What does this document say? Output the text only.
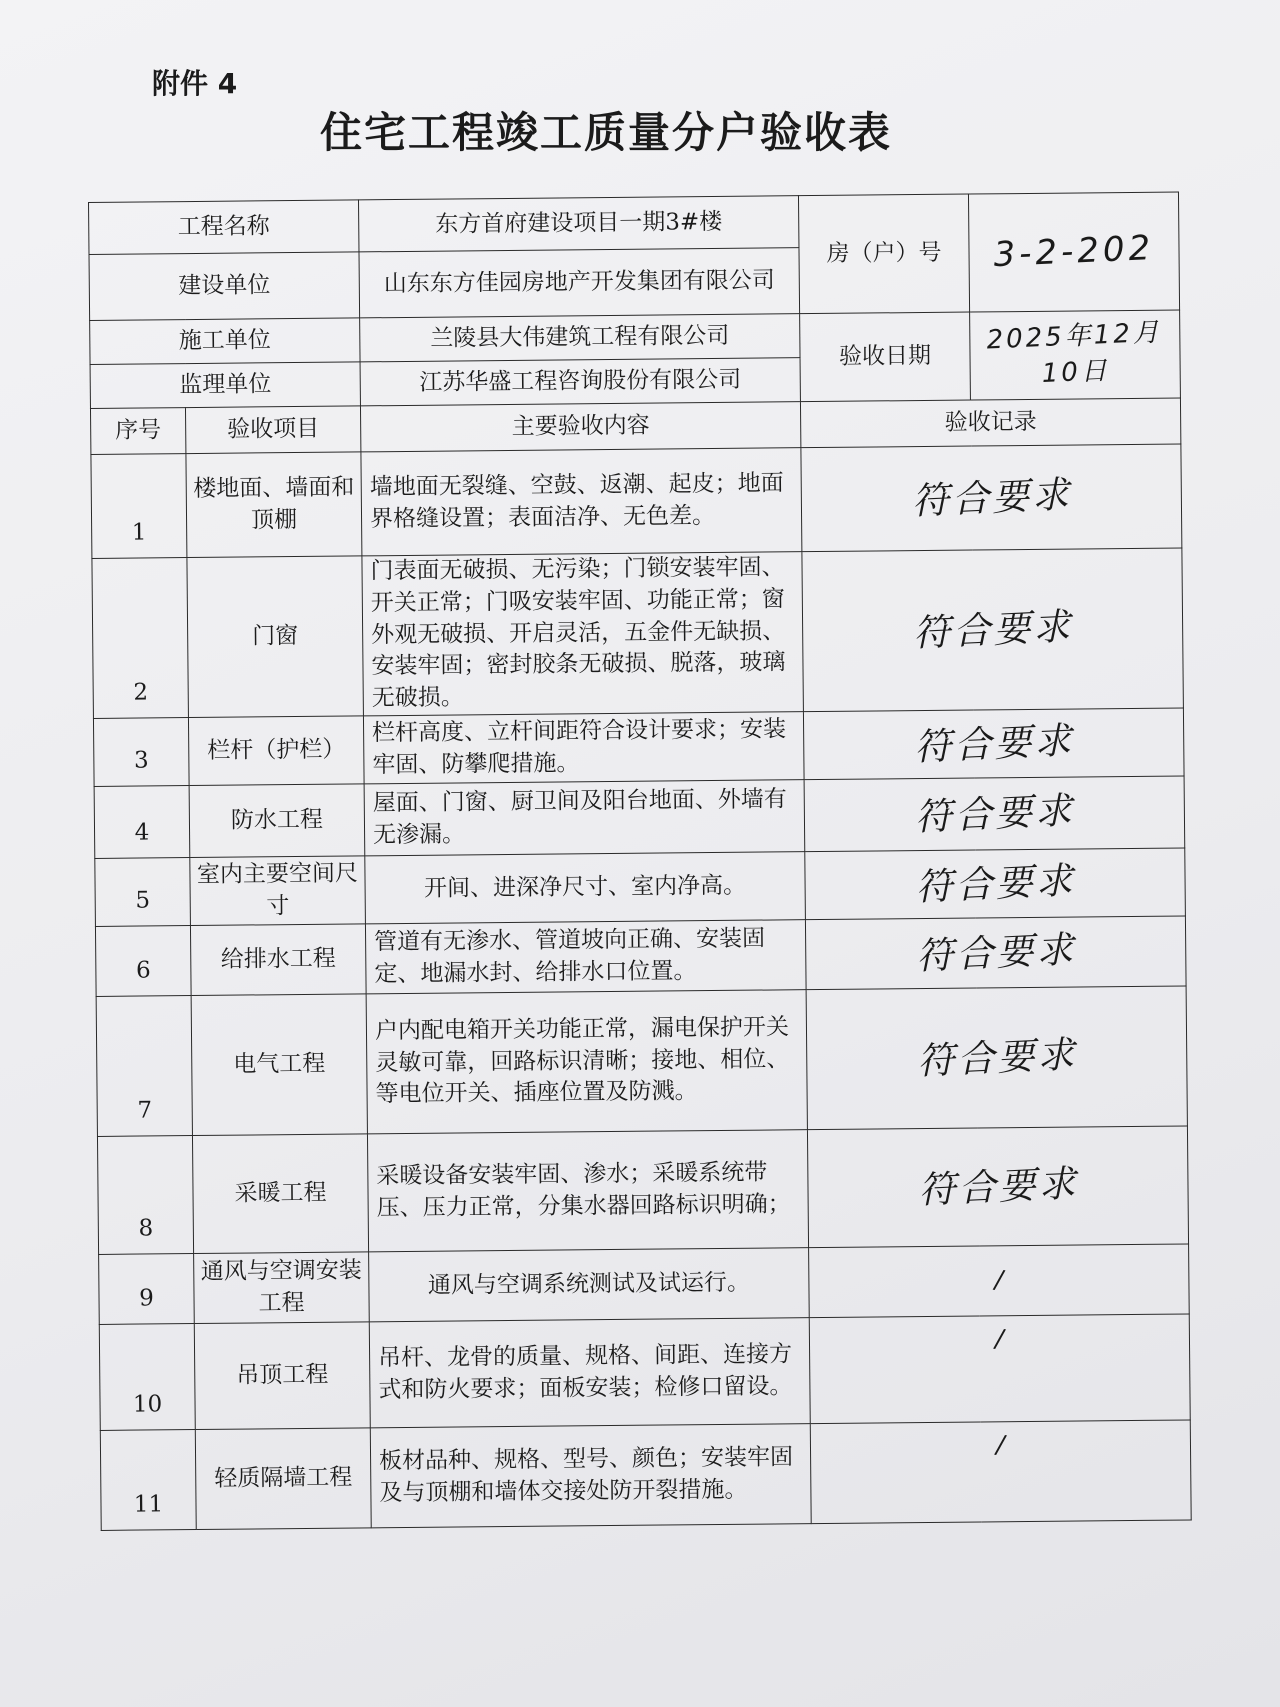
附件 4
住宅工程竣工质量分户验收表
工程名称		东方首府建设项目一期3#楼	房（户）号	3-2-202
建设单位		山东东方佳园房地产开发集团有限公司		
施工单位		兰陵县大伟建筑工程有限公司	验收日期	2025年12月10日
监理单位		江苏华盛工程咨询股份有限公司		
序号	验收项目	主要验收内容	验收记录	
1	楼地面、墙面和顶棚	墙地面无裂缝、空鼓、返潮、起皮；地面界格缝设置；表面洁净、无色差。	符合要求	
2	门窗	门表面无破损、无污染；门锁安装牢固、开关正常；门吸安装牢固、功能正常；窗外观无破损、开启灵活，五金件无缺损、 安装牢固；密封胶条无破损、脱落，玻璃无破损。	符合要求	
3	栏杆（护栏）	栏杆高度、立杆间距符合设计要求；安装牢固、防攀爬措施。	符合要求	
4	防水工程	屋面、门窗、厨卫间及阳台地面、外墙有无渗漏。	符合要求	
5	室内主要空间尺寸	开间、进深净尺寸、室内净高。	符合要求	
6	给排水工程	管道有无渗水、管道坡向正确、安装固定、地漏水封、给排水口位置。	符合要求	
7	电气工程	户内配电箱开关功能正常，漏电保护开关灵敏可靠，回路标识清晰；接地、相位、等电位开关、插座位置及防溅。	符合要求	
8	采暖工程	采暖设备安装牢固、渗水；采暖系统带压、压力正常，分集水器回路标识明确；	符合要求	
9	通风与空调安装工程	通风与空调系统测试及试运行。	/	
10	吊顶工程	吊杆、龙骨的质量、规格、间距、连接方式和防火要求；面板安装；检修口留设。	/	
11	轻质隔墙工程	板材品种、规格、型号、颜色；安装牢固及与顶棚和墙体交接处防开裂措施。	/	
